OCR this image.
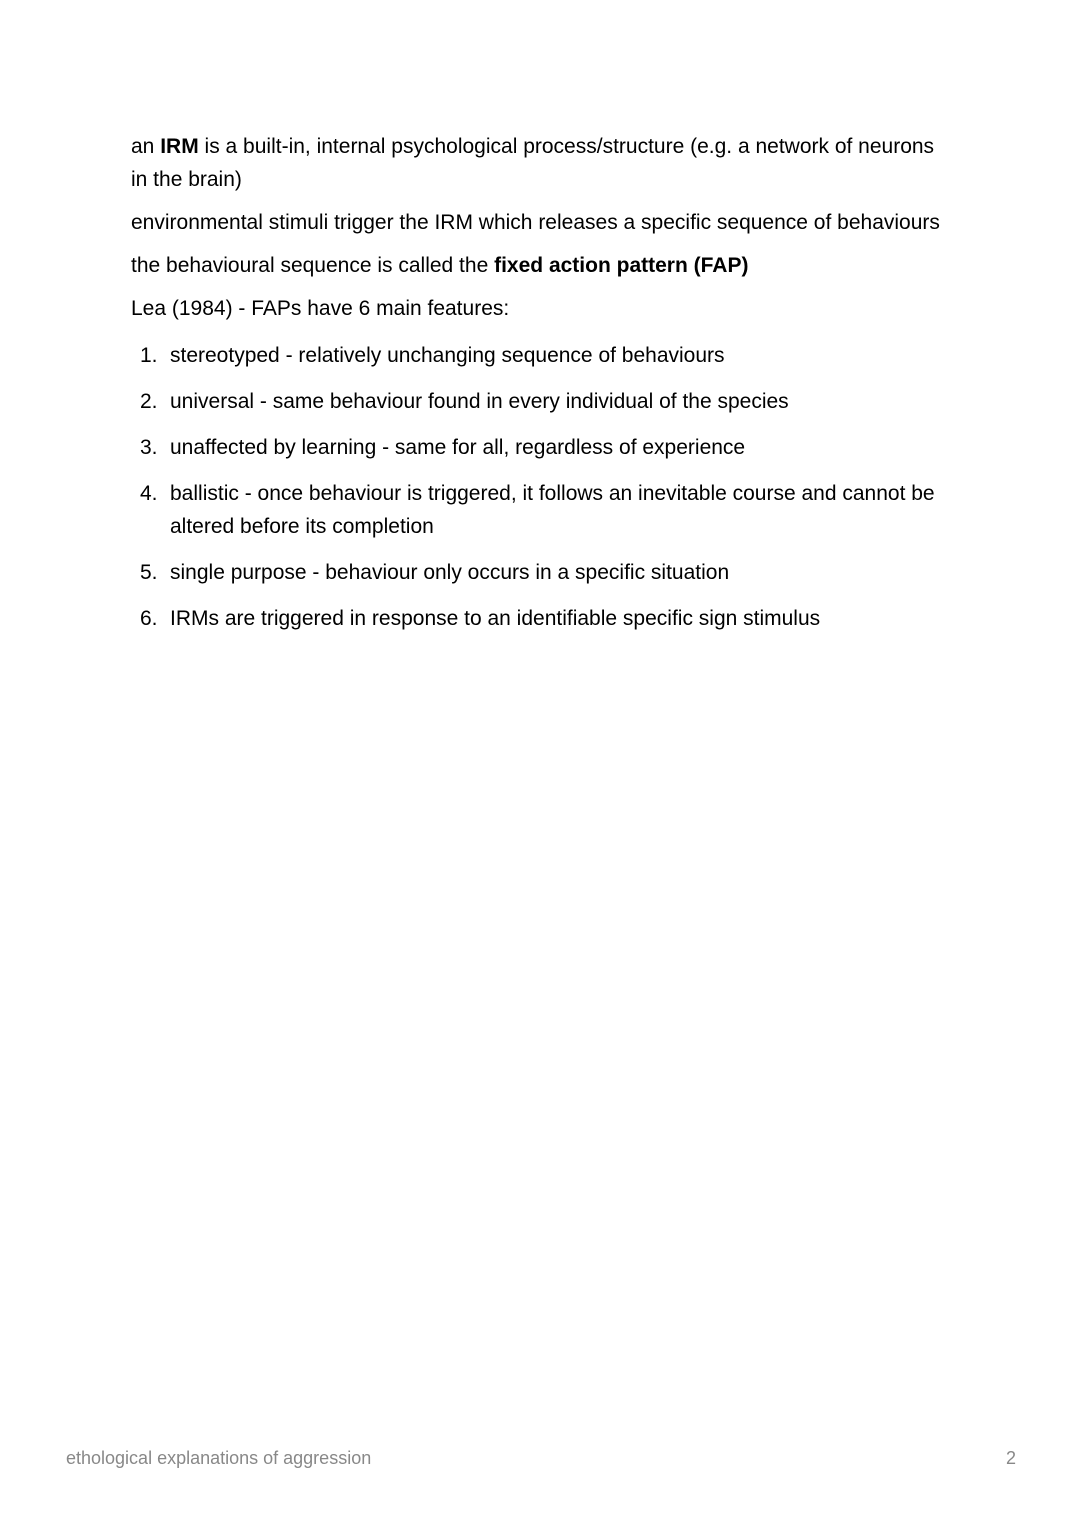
an IRM is a built-in, internal psychological process/structure (e.g. a network of neurons in the brain)

environmental stimuli trigger the IRM which releases a specific sequence of behaviours

the behavioural sequence is called the fixed action pattern (FAP)

Lea (1984) - FAPs have 6 main features:

1. stereotyped - relatively unchanging sequence of behaviours
2. universal - same behaviour found in every individual of the species
3. unaffected by learning - same for all, regardless of experience
4. ballistic - once behaviour is triggered, it follows an inevitable course and cannot be altered before its completion
5. single purpose - behaviour only occurs in a specific situation
6. IRMs are triggered in response to an identifiable specific sign stimulus
ethological explanations of aggression	2
